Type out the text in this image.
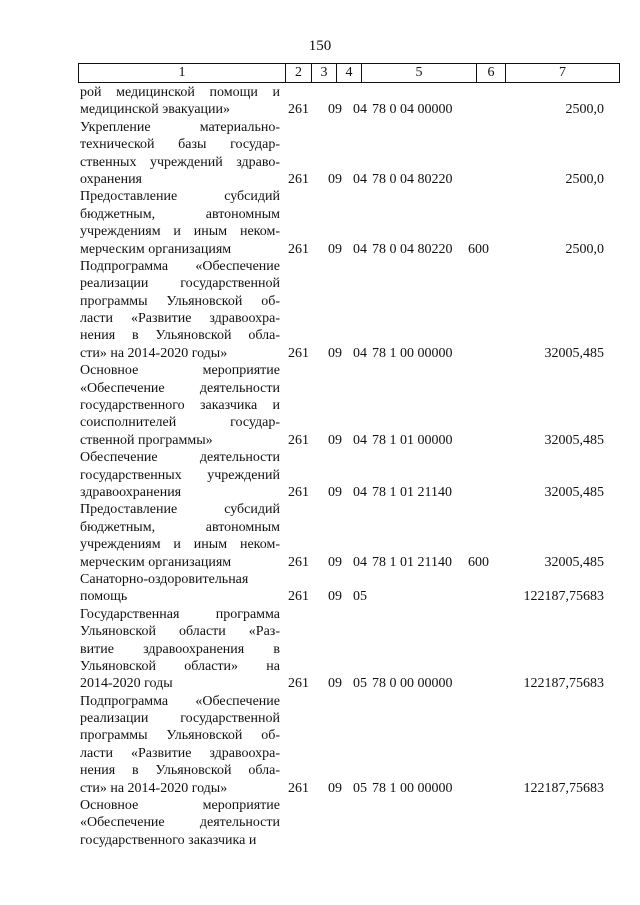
150
1	2	3	4	5	6	7
рой медицинской помощи и
медицинской эвакуации»	261 09 04 78 0 04 00000	2500,0
Укрепление материально-
технической базы государ-
ственных учреждений здраво-
охранения	261 09 04 78 0 04 80220	2500,0
Предоставление субсидий
бюджетным, автономным
учреждениям и иным неком-
мерческим организациям	261 09 04 78 0 04 80220 600	2500,0
Подпрограмма «Обеспечение
реализации государственной
программы Ульяновской об-
ласти «Развитие здравоохра-
нения в Ульяновской обла-
сти» на 2014-2020 годы»	261 09 04 78 1 00 00000	32005,485
Основное мероприятие
«Обеспечение деятельности
государственного заказчика и
соисполнителей государ-
ственной программы»	261 09 04 78 1 01 00000	32005,485
Обеспечение деятельности
государственных учреждений
здравоохранения	261 09 04 78 1 01 21140	32005,485
Предоставление субсидий
бюджетным, автономным
учреждениям и иным неком-
мерческим организациям	261 09 04 78 1 01 21140 600	32005,485
Санаторно-оздоровительная
помощь	261 09 05	122187,75683
Государственная программа
Ульяновской области «Раз-
витие здравоохранения в
Ульяновской области» на
2014-2020 годы	261 09 05 78 0 00 00000	122187,75683
Подпрограмма «Обеспечение
реализации государственной
программы Ульяновской об-
ласти «Развитие здравоохра-
нения в Ульяновской обла-
сти» на 2014-2020 годы»	261 09 05 78 1 00 00000	122187,75683
Основное мероприятие
«Обеспечение деятельности
государственного заказчика и
